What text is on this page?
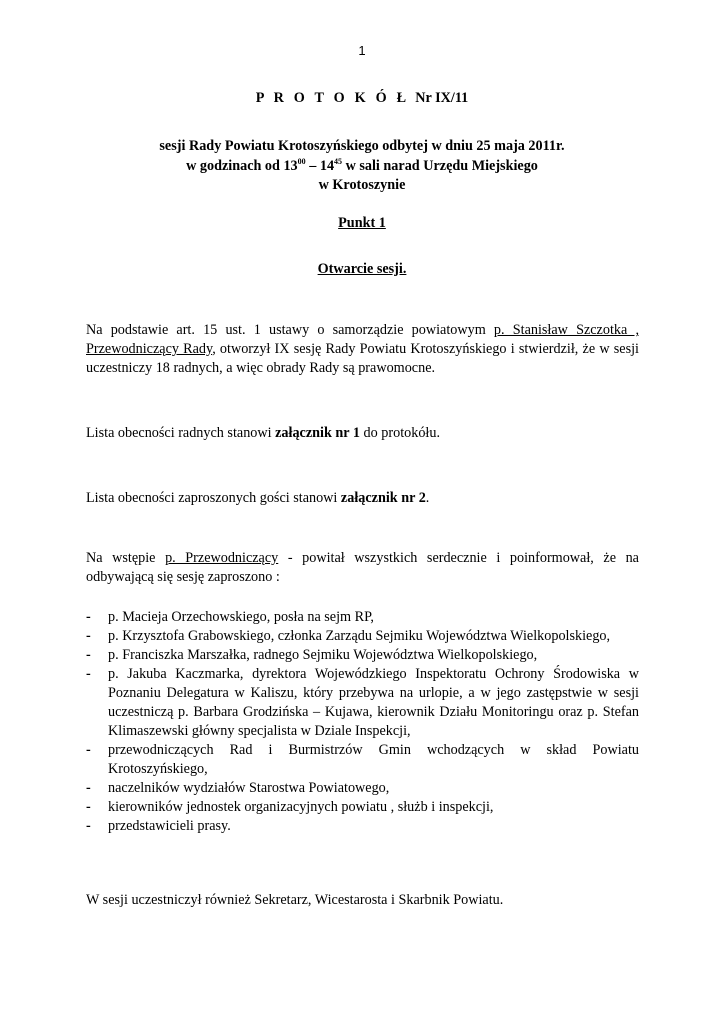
1
P R O T O K Ó Ł Nr IX/11
sesji Rady Powiatu Krotoszyńskiego odbytej w dniu 25 maja 2011r.
w godzinach od $13^{00} - 14^{45}$ w sali narad Urzędu Miejskiego
w Krotoszynie
Punkt 1
Otwarcie sesji.
Na podstawie art. 15 ust. 1 ustawy o samorządzie powiatowym p. Stanisław Szczotka , Przewodniczący Rady, otworzył IX sesję Rady Powiatu Krotoszyńskiego i stwierdził, że w sesji uczestniczy 18 radnych, a więc obrady Rady są prawomocne.
Lista obecności radnych stanowi załącznik nr 1 do protokółu.
Lista obecności zaproszonych gości stanowi załącznik nr 2.
Na wstępie p. Przewodniczący - powitał wszystkich serdecznie i poinformował, że na odbywającą się sesję zaproszono :
- p. Macieja Orzechowskiego, posła na sejm RP,
- p. Krzysztofa Grabowskiego, członka Zarządu Sejmiku Województwa Wielkopolskiego,
- p. Franciszka Marszałka, radnego Sejmiku Województwa Wielkopolskiego,
- p. Jakuba Kaczmarka, dyrektora Wojewódzkiego Inspektoratu Ochrony Środowiska w Poznaniu Delegatura w Kaliszu, który przebywa na urlopie, a w jego zastępstwie w sesji uczestniczą p. Barbara Grodzińska – Kujawa, kierownik Działu Monitoringu oraz p. Stefan Klimaszewski główny specjalista w Dziale Inspekcji,
- przewodniczących Rad i Burmistrzów Gmin wchodzących w skład Powiatu Krotoszyńskiego,
- naczelników wydziałów Starostwa Powiatowego,
- kierowników jednostek organizacyjnych powiatu , służb i inspekcji,
- przedstawicieli prasy.
W sesji uczestniczył również Sekretarz, Wicestarosta i Skarbnik Powiatu.
